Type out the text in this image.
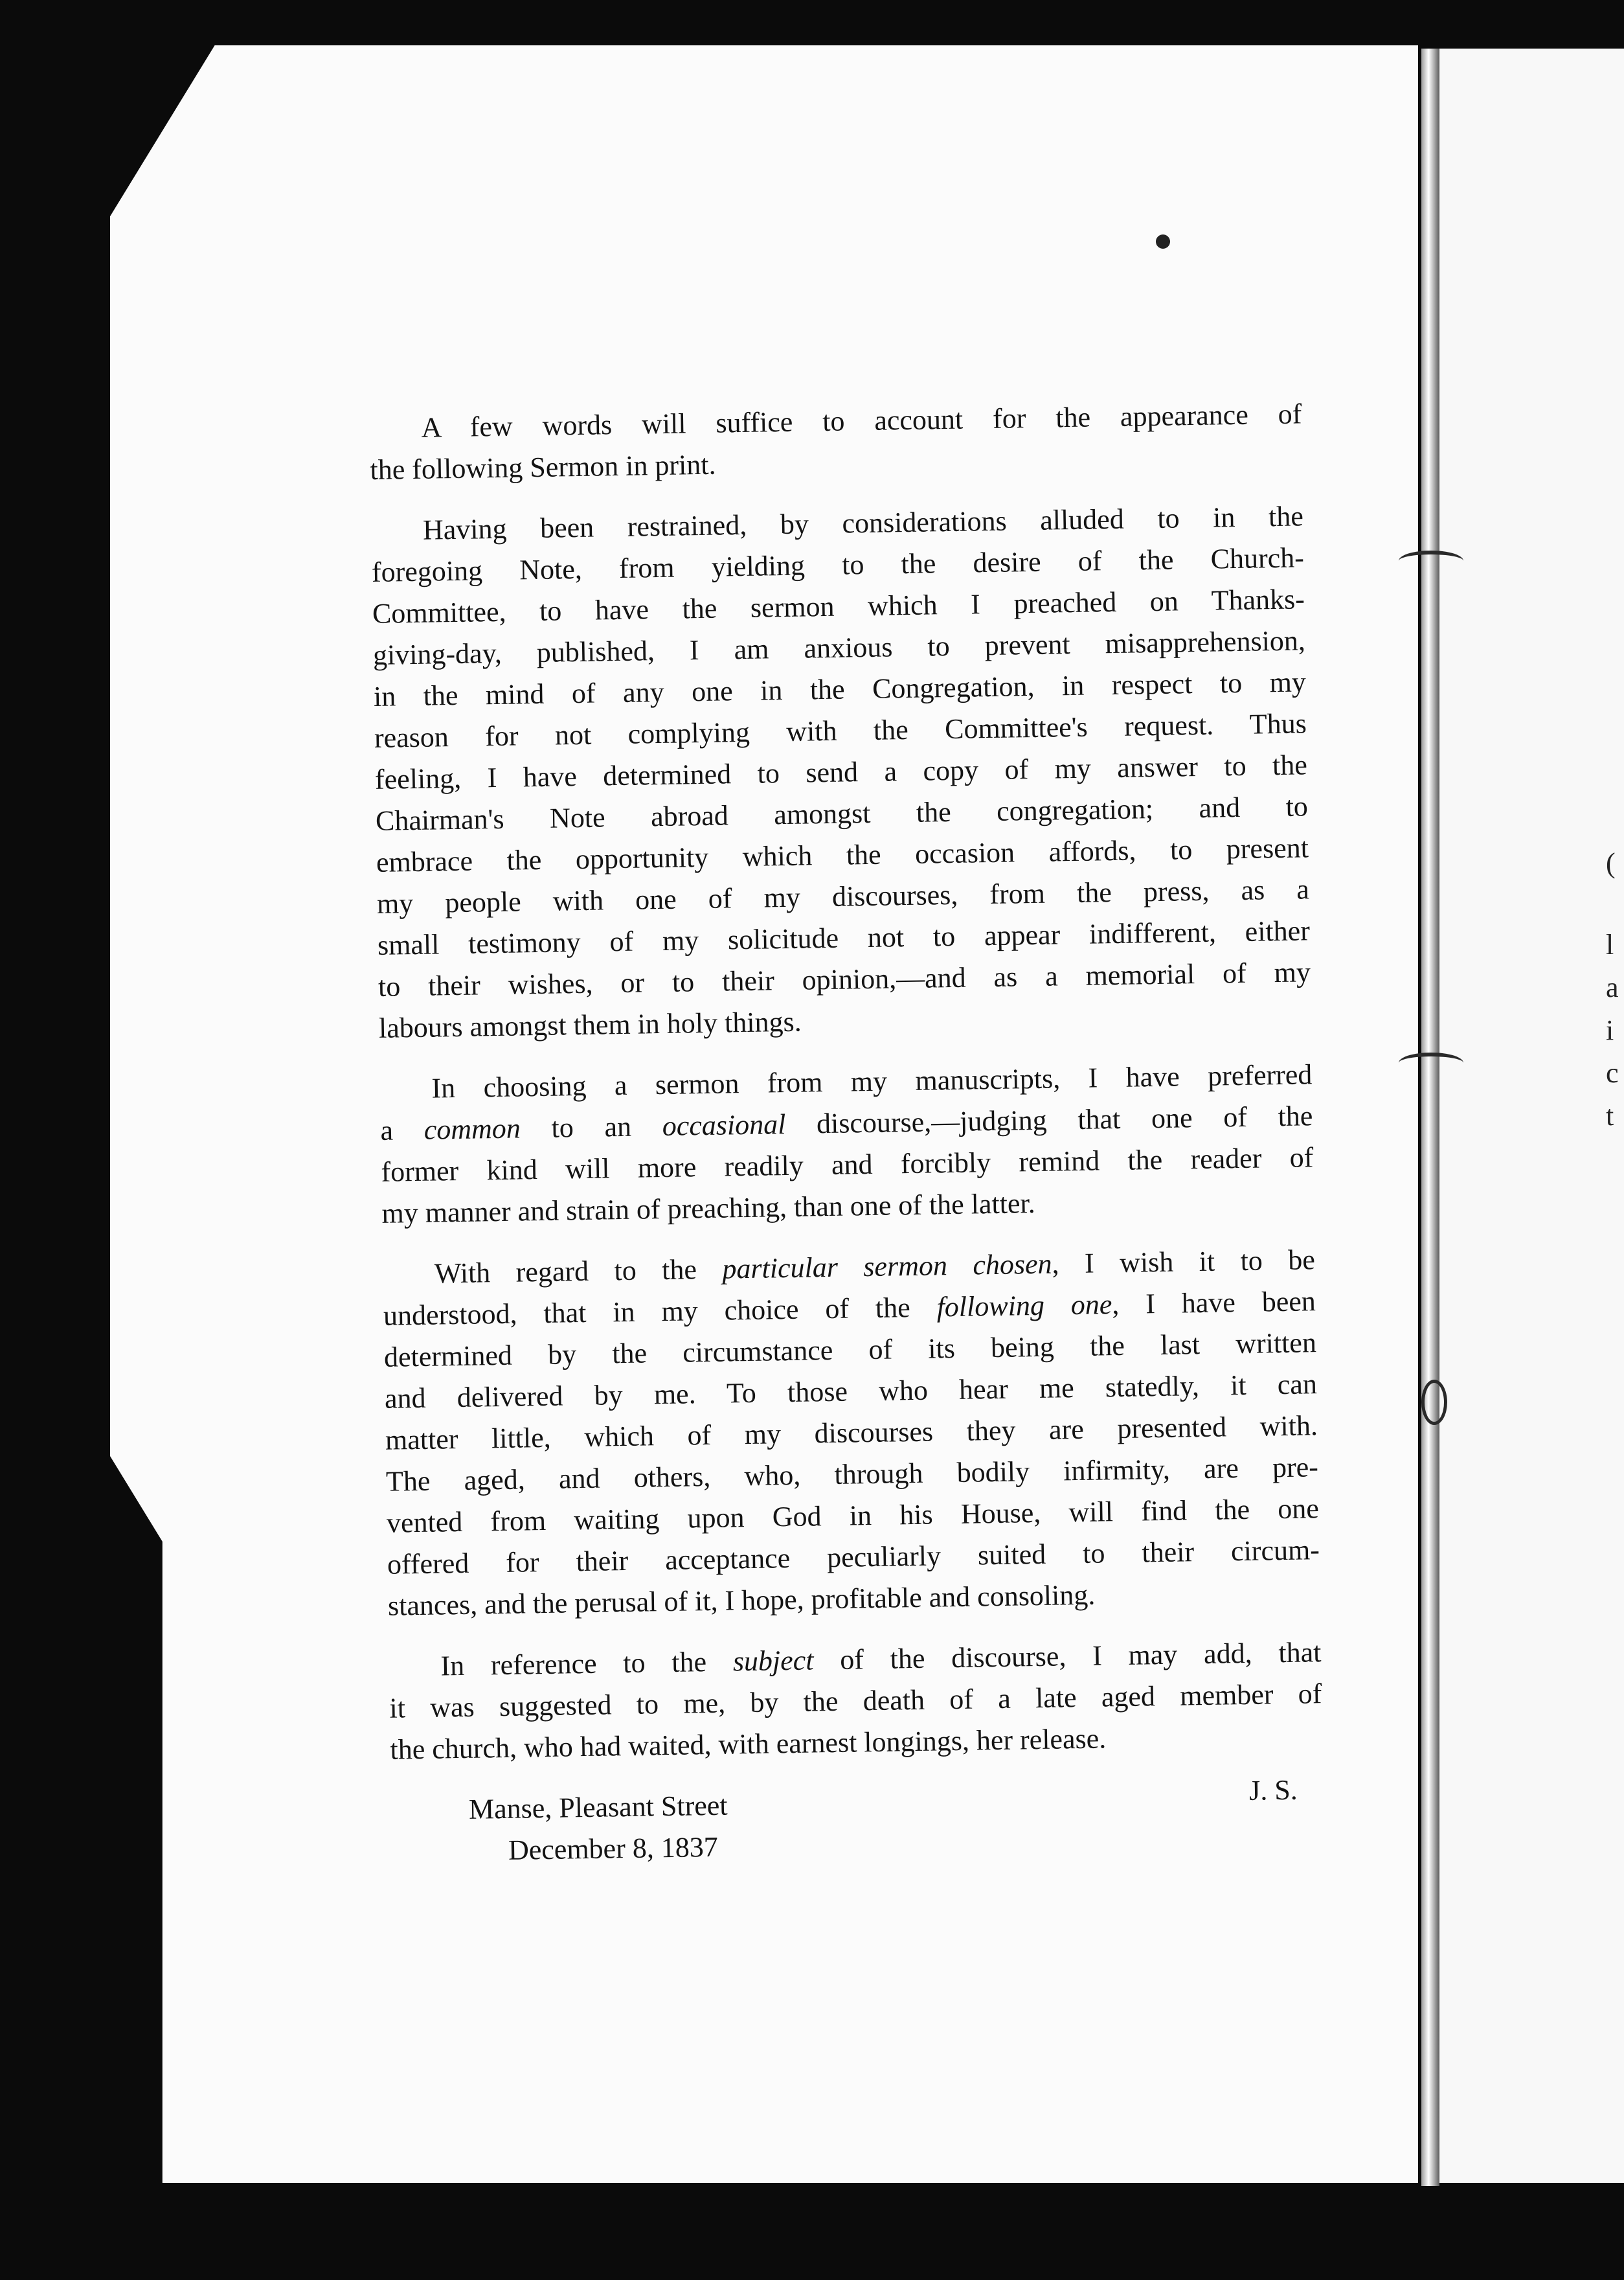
(
l
a
i
c
t
A few words will suffice to account for the appearance of
the following Sermon in print.
Having been restrained, by considerations alluded to in the
foregoing Note, from yielding to the desire of the Church-
Committee, to have the sermon which I preached on Thanks-
giving-day, published, I am anxious to prevent misapprehension,
in the mind of any one in the Congregation, in respect to my
reason for not complying with the Committee's request. Thus
feeling, I have determined to send a copy of my answer to the
Chairman's Note abroad amongst the congregation; and to
embrace the opportunity which the occasion affords, to present
my people with one of my discourses, from the press, as a
small testimony of my solicitude not to appear indifferent, either
to their wishes, or to their opinion,—and as a memorial of my
labours amongst them in holy things.
In choosing a sermon from my manuscripts, I have preferred
a common to an occasional discourse,—judging that one of the
former kind will more readily and forcibly remind the reader of
my manner and strain of preaching, than one of the latter.
With regard to the particular sermon chosen, I wish it to be
understood, that in my choice of the following one, I have been
determined by the circumstance of its being the last written
and delivered by me. To those who hear me statedly, it can
matter little, which of my discourses they are presented with.
The aged, and others, who, through bodily infirmity, are pre-
vented from waiting upon God in his House, will find the one
offered for their acceptance peculiarly suited to their circum-
stances, and the perusal of it, I hope, profitable and consoling.
In reference to the subject of the discourse, I may add, that
it was suggested to me, by the death of a late aged member of
the church, who had waited, with earnest longings, her release.
Manse, Pleasant Street
December 8, 1837
J. S.
